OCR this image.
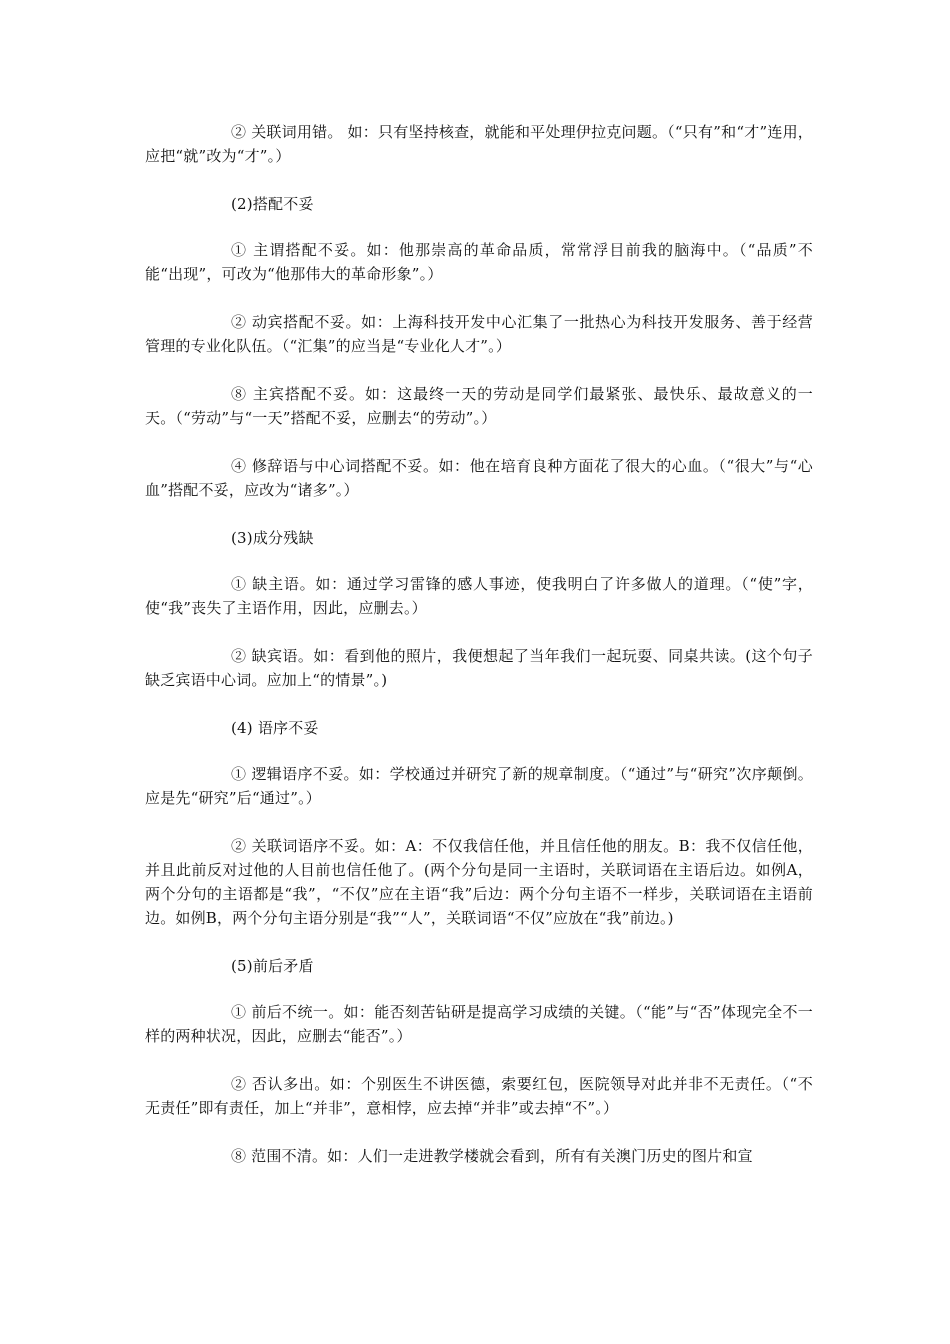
② 关联词用错。 如：只有坚持核查，就能和平处理伊拉克问题。（“只有”和“才”连用，应把“就”改为“才”。）

(2)搭配不妥

① 主谓搭配不妥。如：他那崇高的革命品质，常常浮目前我的脑海中。（“品质”不能“出现”，可改为“他那伟大的革命形象”。）

② 动宾搭配不妥。如：上海科技开发中心汇集了一批热心为科技开发服务、善于经营管理的专业化队伍。（“汇集”的应当是“专业化人才”。）

⑧ 主宾搭配不妥。如：这最终一天的劳动是同学们最紧张、最快乐、最故意义的一天。（“劳动”与“一天”搭配不妥，应删去“的劳动”。）

④ 修辞语与中心词搭配不妥。如：他在培育良种方面花了很大的心血。（“很大”与“心血”搭配不妥，应改为“诸多”。）

(3)成分残缺

① 缺主语。如：通过学习雷锋的感人事迹，使我明白了许多做人的道理。（“使”字，使“我”丧失了主语作用，因此，应删去。）

② 缺宾语。如：看到他的照片，我便想起了当年我们一起玩耍、同桌共读。(这个句子缺乏宾语中心词。应加上“的情景”。)

(4) 语序不妥

① 逻辑语序不妥。如：学校通过并研究了新的规章制度。（“通过”与“研究”次序颠倒。应是先“研究”后“通过”。）

② 关联词语序不妥。如：A：不仅我信任他，并且信任他的朋友。B：我不仅信任他，并且此前反对过他的人目前也信任他了。(两个分句是同一主语时，关联词语在主语后边。如例A，两个分句的主语都是“我”，“不仅”应在主语“我”后边：两个分句主语不一样步，关联词语在主语前边。如例B，两个分句主语分别是“我”“人”，关联词语“不仅”应放在“我”前边。)

(5)前后矛盾

① 前后不统一。如：能否刻苦钻研是提高学习成绩的关键。（“能”与“否”体现完全不一样的两种状况，因此，应删去“能否”。）

② 否认多出。如：个别医生不讲医德，索要红包，医院领导对此并非不无责任。（“不无责任”即有责任，加上“并非”，意相悖，应去掉“并非”或去掉“不”。）

⑧ 范围不清。如：人们一走进教学楼就会看到，所有有关澳门历史的图片和宣
